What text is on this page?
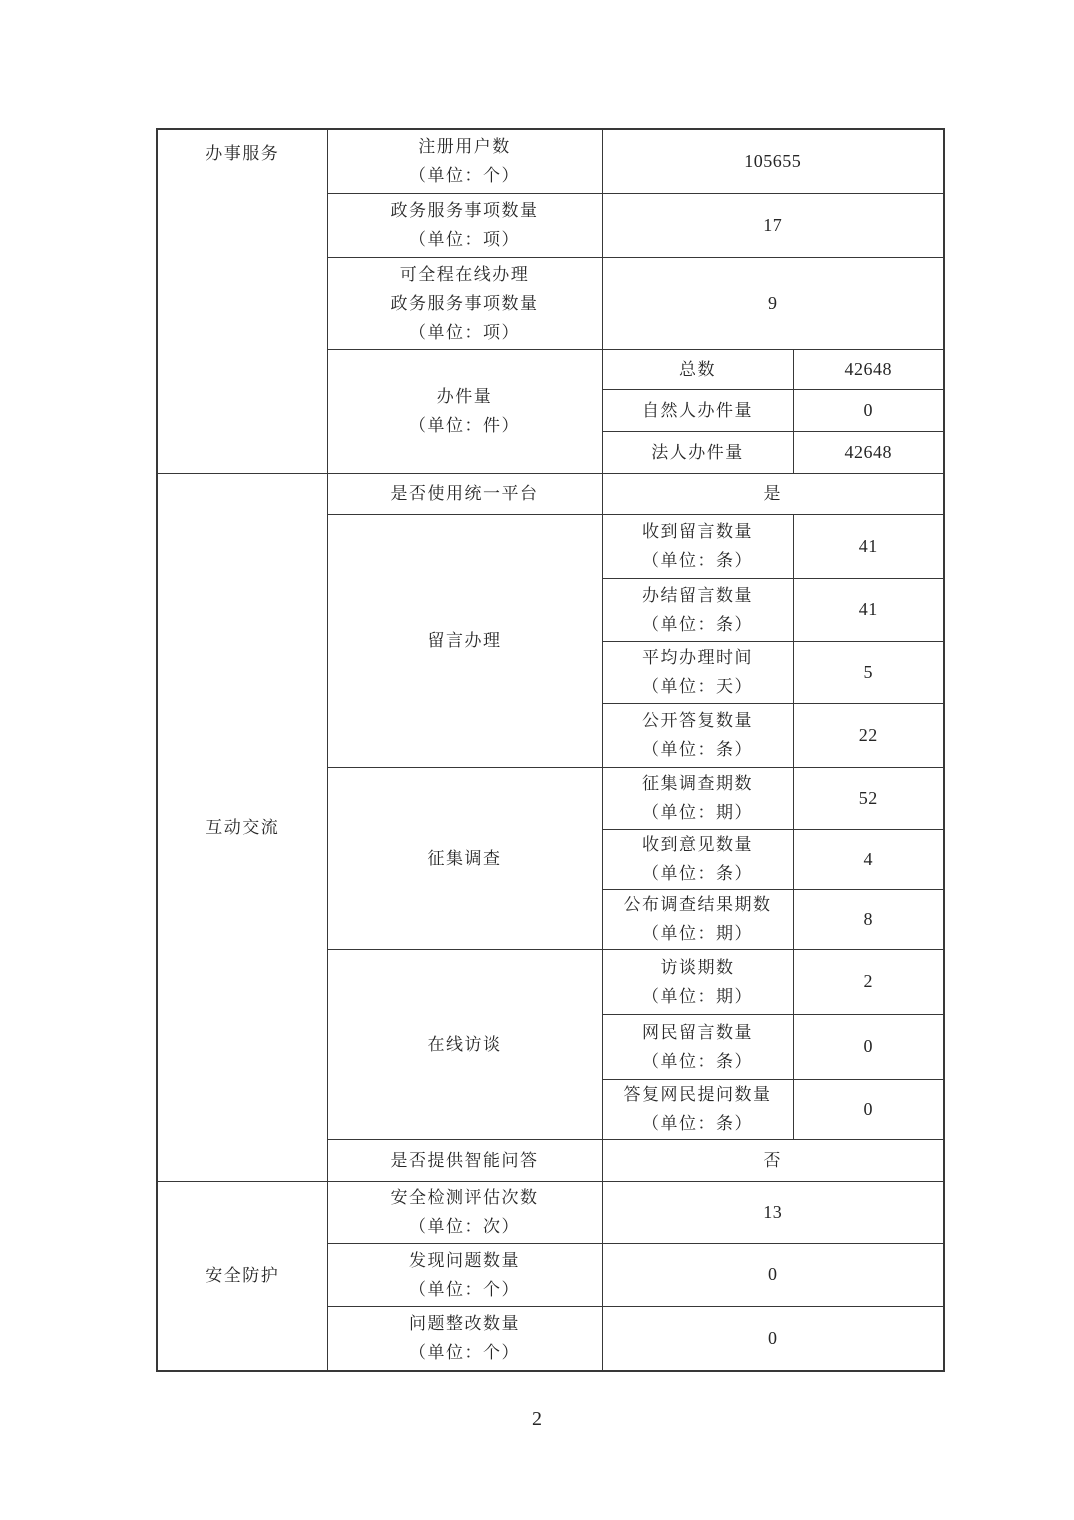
办事服务	注册用户数
（单位：个）	105655	

	政务服务事项数量
（单位：项）	17	

	可全程在线办理
政务服务事项数量
（单位：项）	9	

	办件量
（单位：件）	总数	42648
		自然人办件量	0
		法人办件量	42648
互动交流	是否使用统一平台	是	
	留言办理	收到留言数量
（单位：条）	41

		办结留言数量
（单位：条）	41

		平均办理时间
（单位：天）	5

		公开答复数量
（单位：条）	22
	征集调查	征集调查期数
（单位：期）	52

		收到意见数量
（单位：条）	4

		公布调查结果期数
（单位：期）	8
	在线访谈	访谈期数
（单位：期）	2

		网民留言数量
（单位：条）	0

		答复网民提问数量
（单位：条）	0
	是否提供智能问答	否	
安全防护	安全检测评估次数
（单位：次）	13	

	发现问题数量
（单位：个）	0	

	问题整改数量
（单位：个）	0	
2
